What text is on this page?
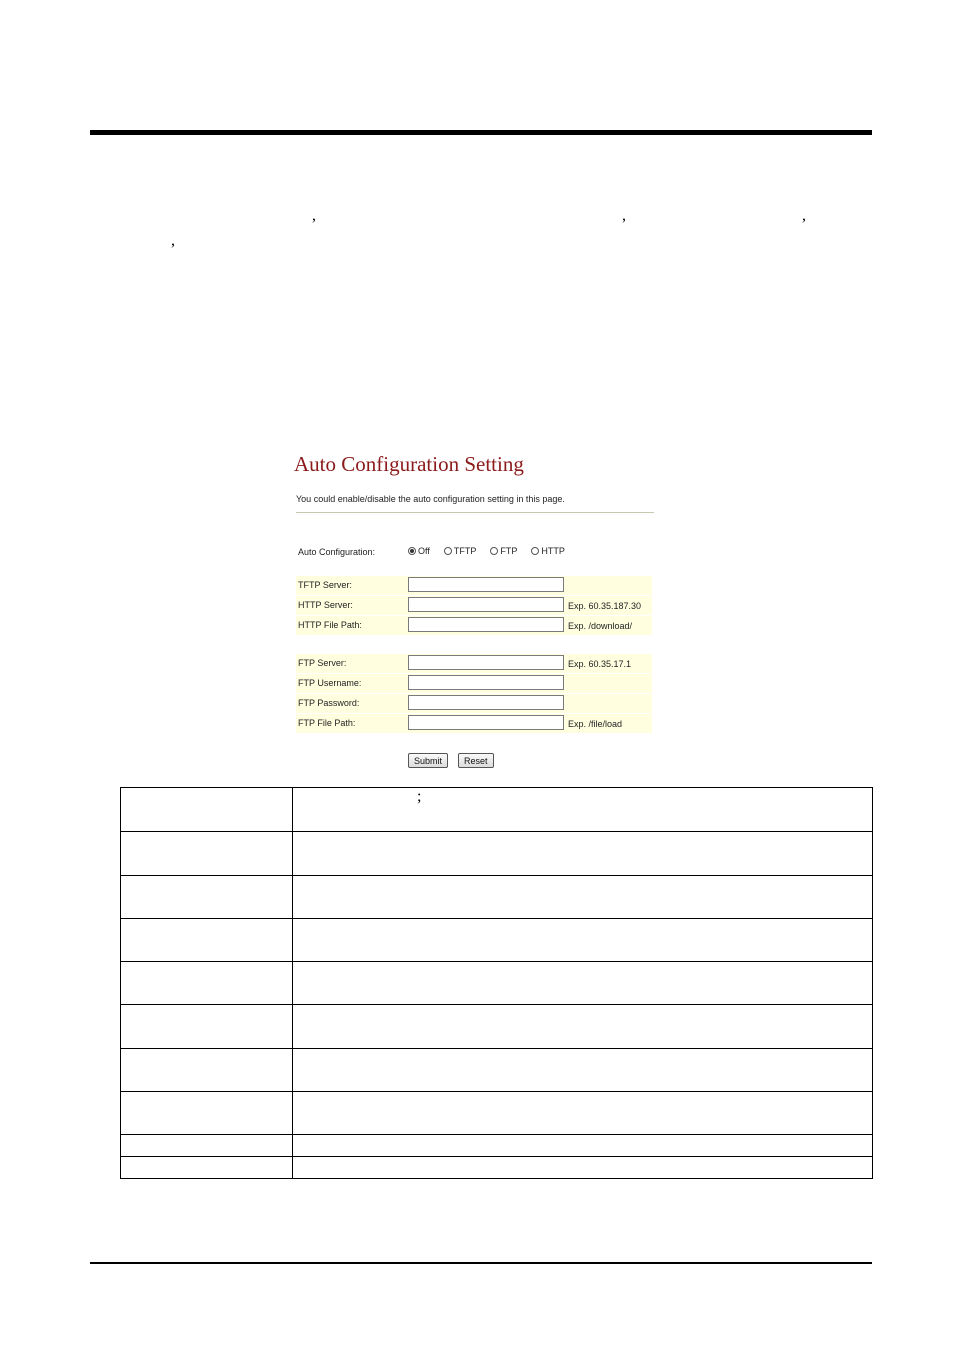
,	,	,
,
Auto Configuration Setting
You could enable/disable the auto configuration setting in this page.
Auto Configuration:	Off	TFTP	FTP	HTTP
TFTP Server:
HTTP Server:	Exp. 60.35.187.30
HTTP File Path:	Exp. /download/
FTP Server:	Exp. 60.35.17.1
FTP Username:
FTP Password:
FTP File Path:	Exp. /file/load
Submit	Reset
	;
